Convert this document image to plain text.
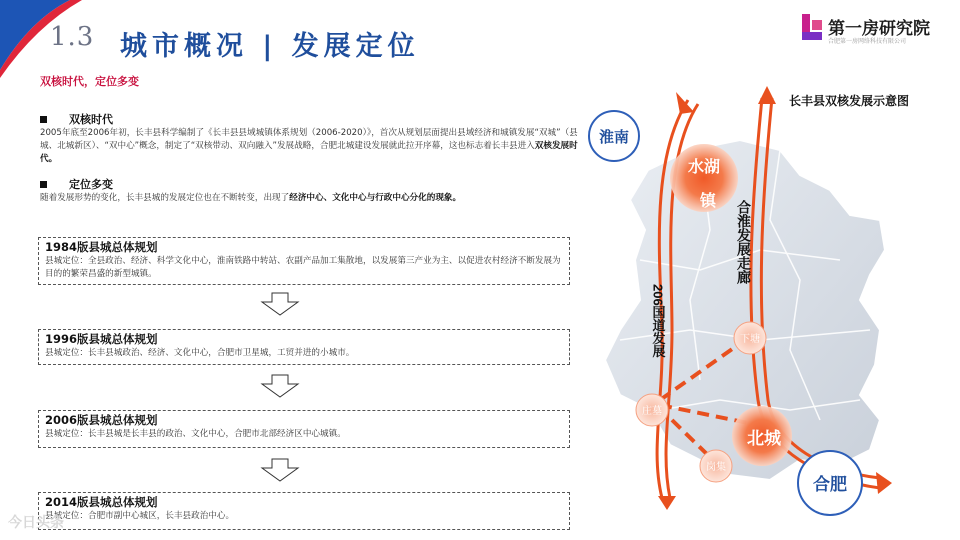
1.3 城市概况 | 发展定位
第一房研究院
合肥第一房网络科技有限公司
双核时代，定位多变
双核时代
2005年底至2006年初，长丰县科学编制了《长丰县县域城镇体系规划（2006-2020）》，首次从规划层面提出县域经济和城镇发展“双城”（县城、北城新区）、“双中心”概念，制定了“双核带动、双向融入”发展战略，合肥北城建设发展就此拉开序幕，这也标志着长丰县进入双核发展时代。
定位多变
随着发展形势的变化，长丰县城的发展定位也在不断转变，出现了经济中心、文化中心与行政中心分化的现象。
1984版县城总体规划
县城定位：全县政治、经济、科学文化中心，淮南铁路中转站、农副产品加工集散地，以发展第三产业为主、以促进农村经济不断发展为目的的繁荣昌盛的新型城镇。
1996版县城总体规划
县城定位：长丰县城政治、经济、文化中心，合肥市卫星城，工贸并进的小城市。
2006版县城总体规划
县城定位：长丰县城是长丰县的政治、文化中心，合肥市北部经济区中心城镇。
2014版县城总体规划
县城定位：合肥市副中心城区，长丰县政治中心。
今日头条
长丰县双核发展示意图
淮南
合肥
水湖
镇
北城
下塘
庄墓
岗集
合淮发展走廊
206国道发展
